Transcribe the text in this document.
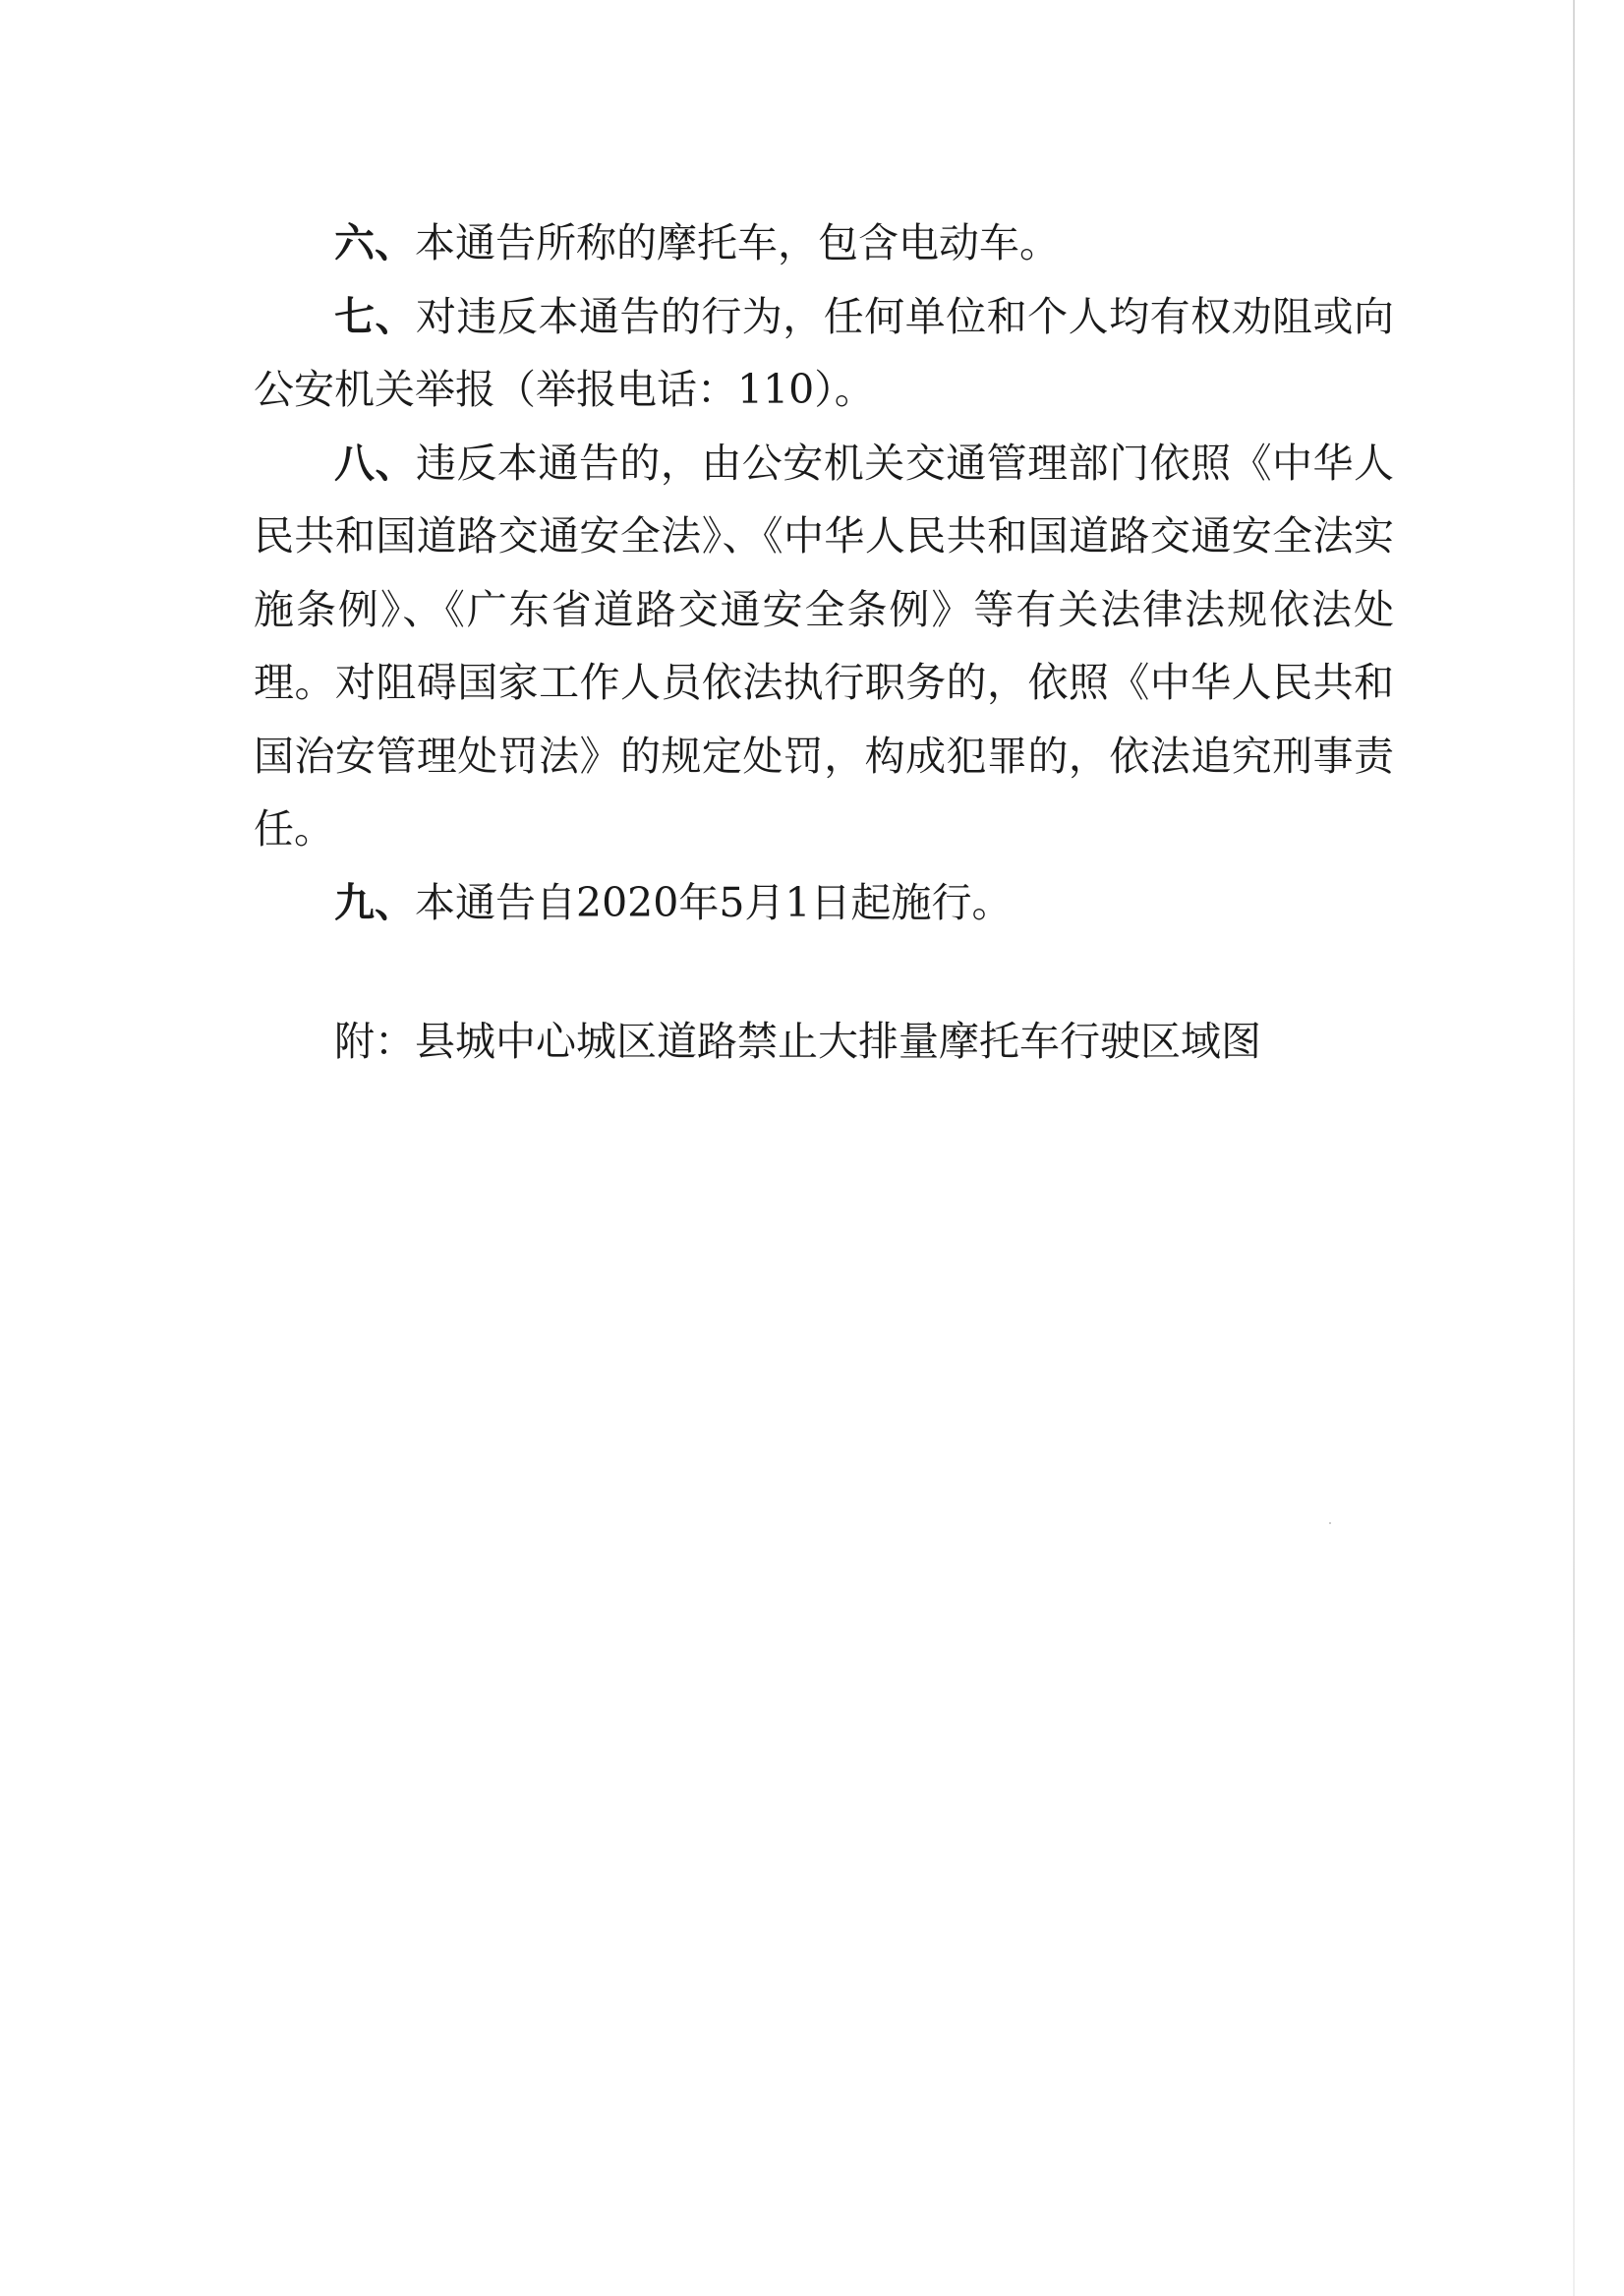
六、本通告所称的摩托车，包含电动车。

七、对违反本通告的行为，任何单位和个人均有权劝阻或向公安机关举报（举报电话：110）。

八、违反本通告的，由公安机关交通管理部门依照《中华人民共和国道路交通安全法》、《中华人民共和国道路交通安全法实施条例》、《广东省道路交通安全条例》等有关法律法规依法处理。对阻碍国家工作人员依法执行职务的，依照《中华人民共和国治安管理处罚法》的规定处罚，构成犯罪的，依法追究刑事责任。

九、本通告自2020年5月1日起施行。

附：县城中心城区道路禁止大排量摩托车行驶区域图
